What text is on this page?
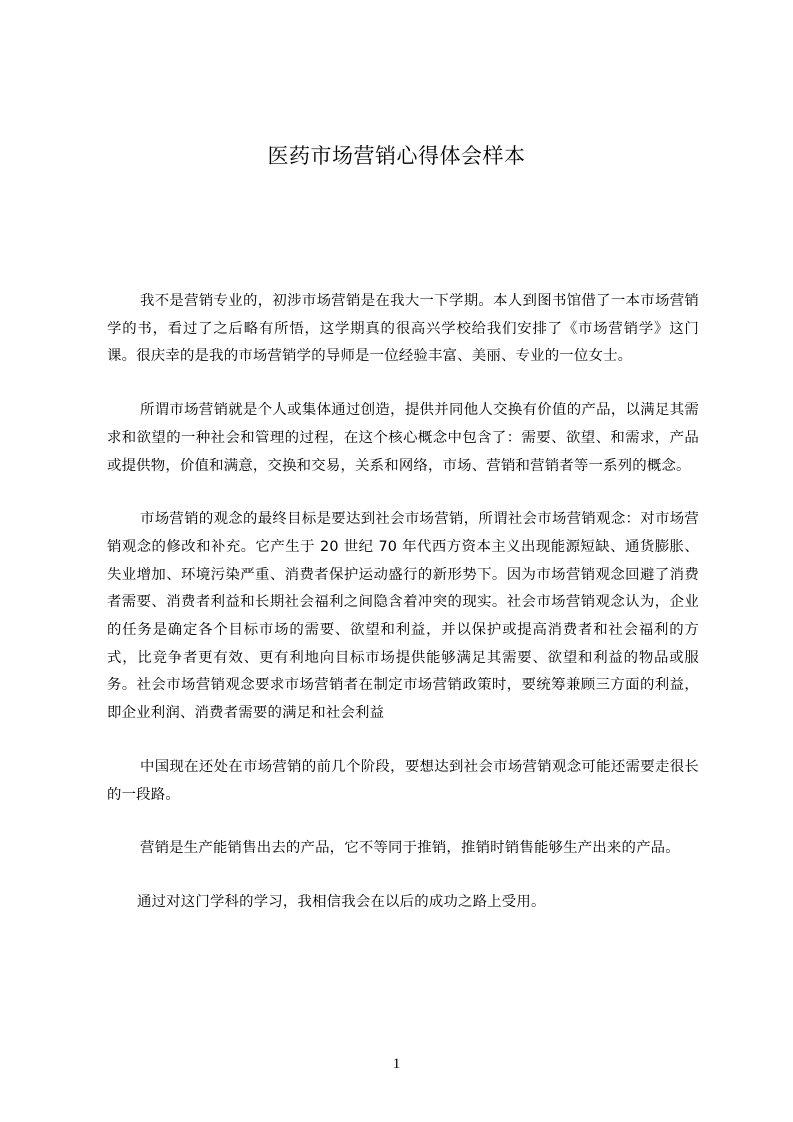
医药市场营销心得体会样本

我不是营销专业的，初涉市场营销是在我大一下学期。本人到图书馆借了一本市场营销学的书，看过了之后略有所悟，这学期真的很高兴学校给我们安排了《市场营销学》这门课。很庆幸的是我的市场营销学的导师是一位经验丰富、美丽、专业的一位女士。

所谓市场营销就是个人或集体通过创造，提供并同他人交换有价值的产品，以满足其需求和欲望的一种社会和管理的过程，在这个核心概念中包含了：需要、欲望、和需求，产品或提供物，价值和满意，交换和交易，关系和网络，市场、营销和营销者等一系列的概念。

市场营销的观念的最终目标是要达到社会市场营销，所谓社会市场营销观念：对市场营销观念的修改和补充。它产生于 20 世纪 70 年代西方资本主义出现能源短缺、通货膨胀、失业增加、环境污染严重、消费者保护运动盛行的新形势下。因为市场营销观念回避了消费者需要、消费者利益和长期社会福利之间隐含着冲突的现实。社会市场营销观念认为，企业的任务是确定各个目标市场的需要、欲望和利益，并以保护或提高消费者和社会福利的方式，比竞争者更有效、更有利地向目标市场提供能够满足其需要、欲望和利益的物品或服务。社会市场营销观念要求市场营销者在制定市场营销政策时，要统筹兼顾三方面的利益，即企业利润、消费者需要的满足和社会利益

中国现在还处在市场营销的前几个阶段，要想达到社会市场营销观念可能还需要走很长的一段路。

营销是生产能销售出去的产品，它不等同于推销，推销时销售能够生产出来的产品。

通过对这门学科的学习，我相信我会在以后的成功之路上受用。

1
